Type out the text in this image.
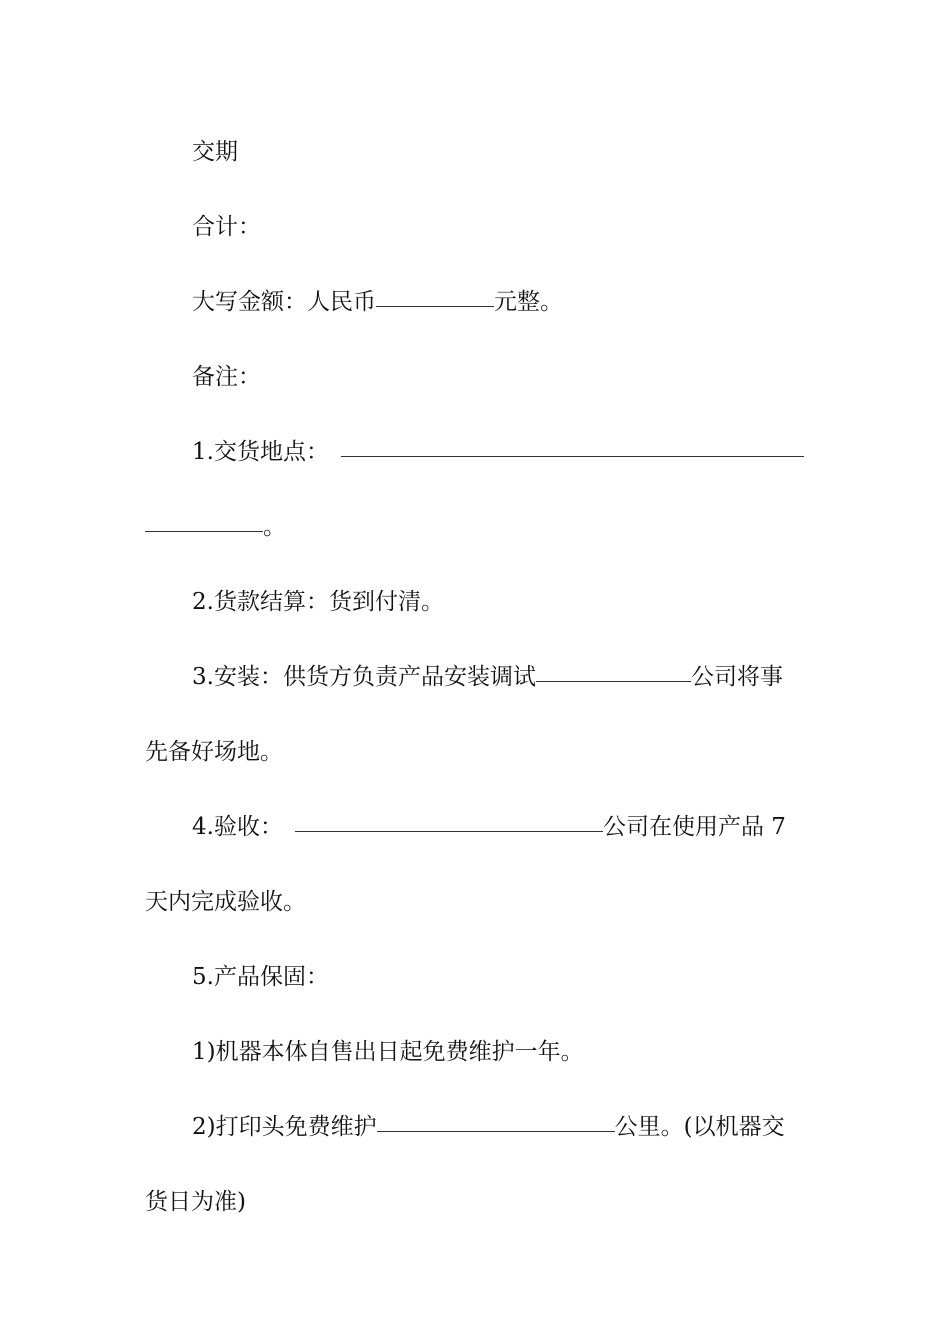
交期
合计：
大写金额：人民币	元整。
备注：
1.交货地点：
。
2.货款结算：货到付清。
3.安装：供货方负责产品安装调试	公司将事
先备好场地。
4.验收：	公司在使用产品 7
天内完成验收。
5.产品保固：
1)机器本体自售出日起免费维护一年。
2)打印头免费维护	公里。(以机器交
货日为准)
